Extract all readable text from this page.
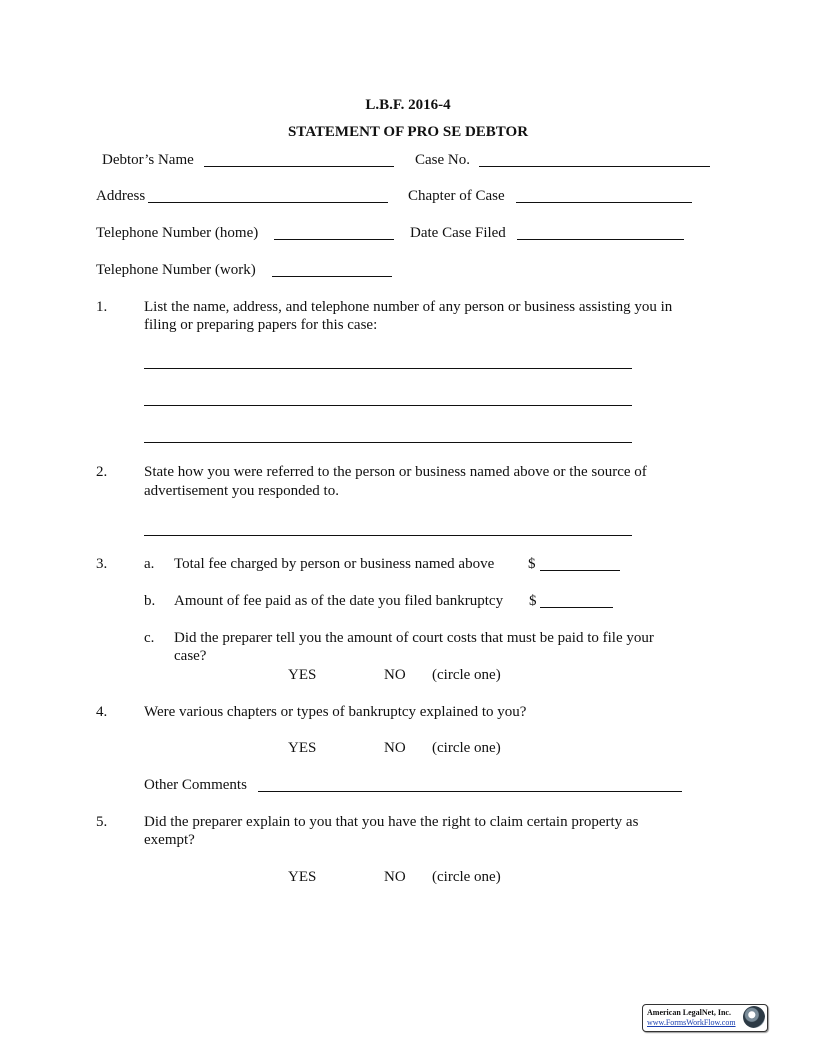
L.B.F. 2016-4
STATEMENT OF PRO SE DEBTOR
Debtor’s Name	Case No.
Address	Chapter of Case
Telephone Number (home)	Date Case Filed
Telephone Number (work)
1. List the name, address, and telephone number of any person or business assisting you in
filing or preparing papers for this case:
2. State how you were referred to the person or business named above or the source of
advertisement you responded to.
3. a. Total fee charged by person or business named above $
b. Amount of fee paid as of the date you filed bankruptcy $
c. Did the preparer tell you the amount of court costs that must be paid to file your
case?
YES	NO (circle one)
4. Were various chapters or types of bankruptcy explained to you?
YES	NO (circle one)
Other Comments
5. Did the preparer explain to you that you have the right to claim certain property as
exempt?
YES	NO (circle one)
American LegalNet, Inc.
www.FormsWorkFlow.com
